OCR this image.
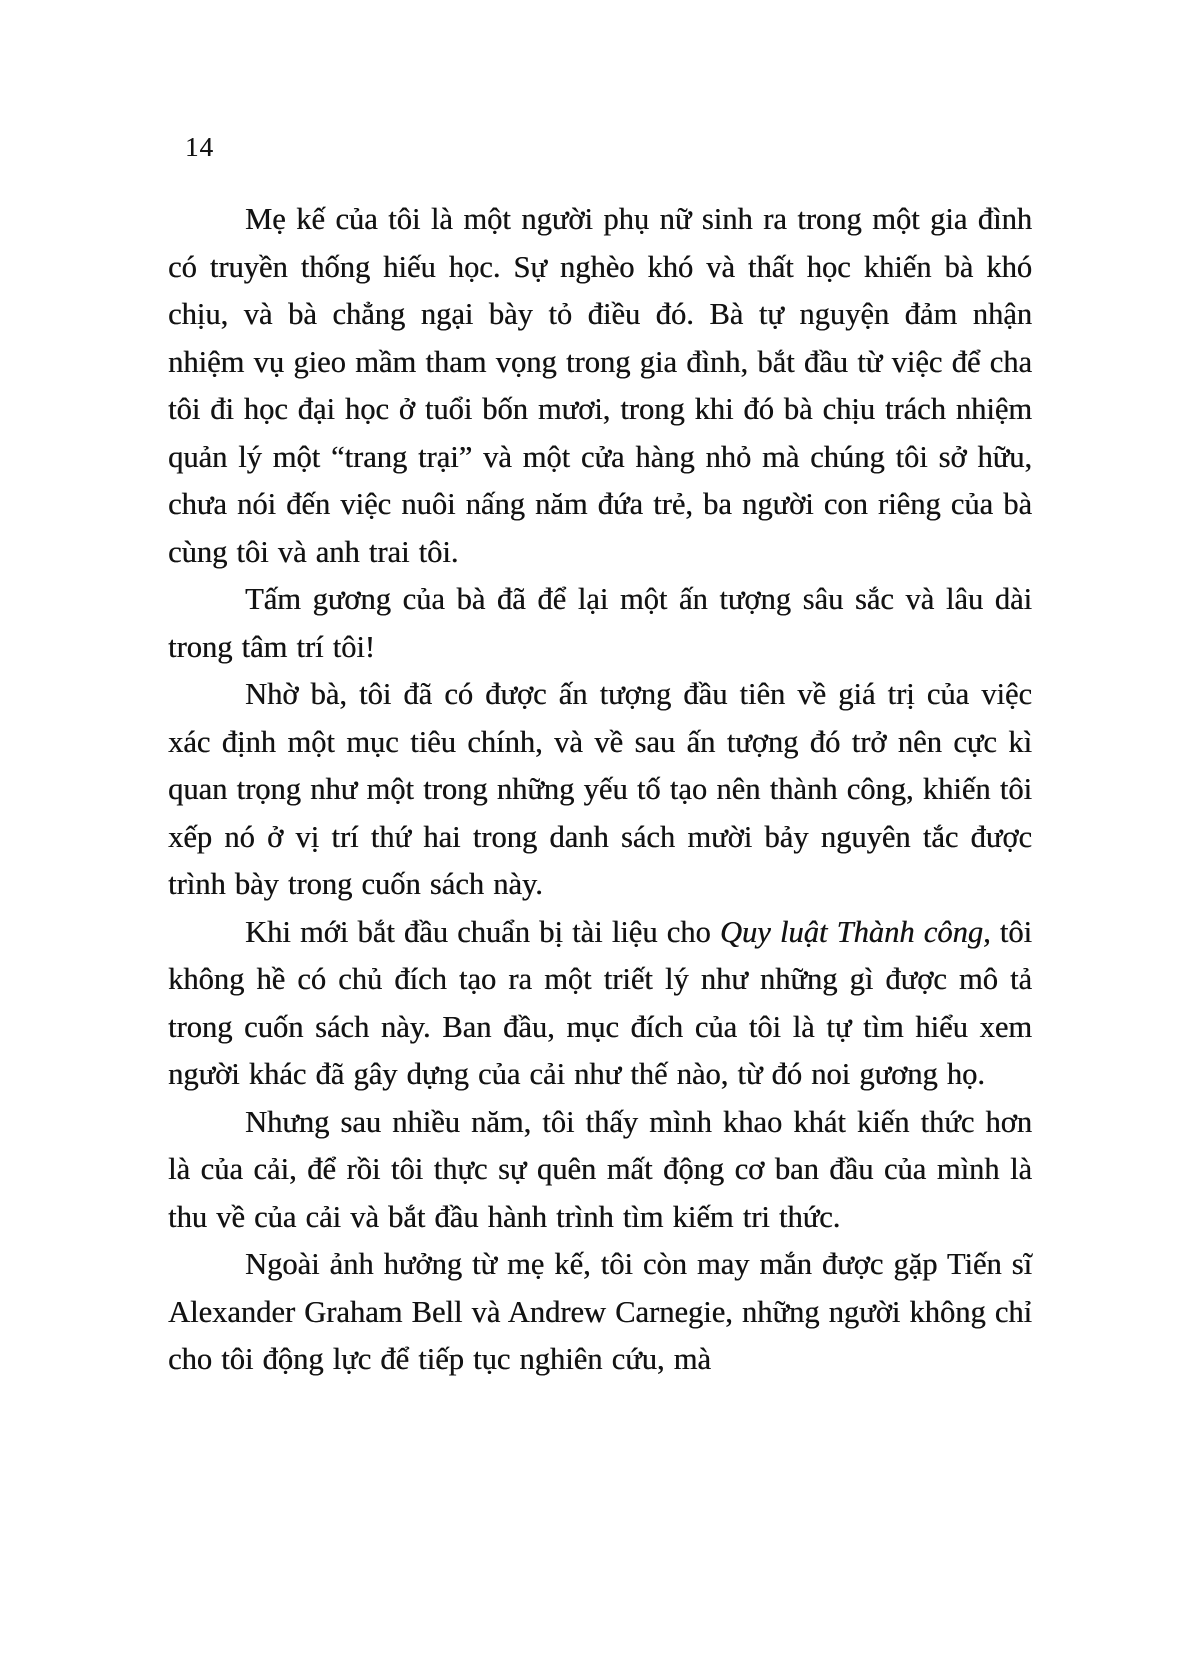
14

Mẹ kế của tôi là một người phụ nữ sinh ra trong một gia đình có truyền thống hiếu học. Sự nghèo khó và thất học khiến bà khó chịu, và bà chẳng ngại bày tỏ điều đó. Bà tự nguyện đảm nhận nhiệm vụ gieo mầm tham vọng trong gia đình, bắt đầu từ việc để cha tôi đi học đại học ở tuổi bốn mươi, trong khi đó bà chịu trách nhiệm quản lý một “trang trại” và một cửa hàng nhỏ mà chúng tôi sở hữu, chưa nói đến việc nuôi nấng năm đứa trẻ, ba người con riêng của bà cùng tôi và anh trai tôi.

Tấm gương của bà đã để lại một ấn tượng sâu sắc và lâu dài trong tâm trí tôi!

Nhờ bà, tôi đã có được ấn tượng đầu tiên về giá trị của việc xác định một mục tiêu chính, và về sau ấn tượng đó trở nên cực kì quan trọng như một trong những yếu tố tạo nên thành công, khiến tôi xếp nó ở vị trí thứ hai trong danh sách mười bảy nguyên tắc được trình bày trong cuốn sách này.

Khi mới bắt đầu chuẩn bị tài liệu cho Quy luật Thành công, tôi không hề có chủ đích tạo ra một triết lý như những gì được mô tả trong cuốn sách này. Ban đầu, mục đích của tôi là tự tìm hiểu xem người khác đã gây dựng của cải như thế nào, từ đó noi gương họ.

Nhưng sau nhiều năm, tôi thấy mình khao khát kiến thức hơn là của cải, để rồi tôi thực sự quên mất động cơ ban đầu của mình là thu về của cải và bắt đầu hành trình tìm kiếm tri thức.

Ngoài ảnh hưởng từ mẹ kế, tôi còn may mắn được gặp Tiến sĩ Alexander Graham Bell và Andrew Carnegie, những người không chỉ cho tôi động lực để tiếp tục nghiên cứu, mà
